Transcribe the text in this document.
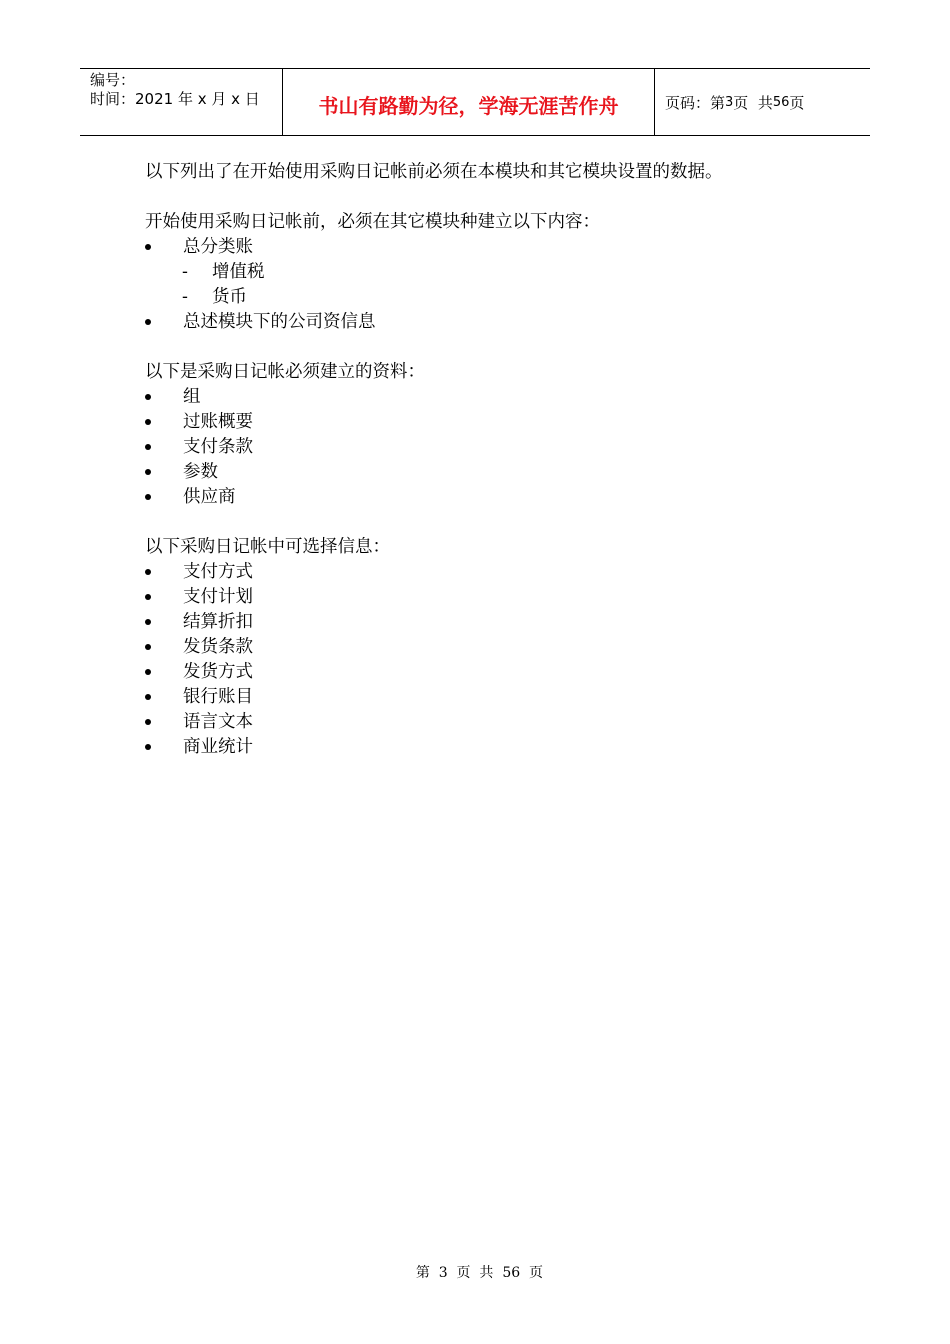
编号：
时间：2021 年 x 月 x 日	书山有路勤为径，学海无涯苦作舟	页码：第 3 页  共 56 页

以下列出了在开始使用采购日记帐前必须在本模块和其它模块设置的数据。

开始使用采购日记帐前，必须在其它模块种建立以下内容：

总分类账
- 增值税
- 货币
总述模块下的公司资信息

以下是采购日记帐必须建立的资料：

组
过账概要
支付条款
参数
供应商

以下采购日记帐中可选择信息：

支付方式
支付计划
结算折扣
发货条款
发货方式
银行账目
语言文本
商业统计

第  3  页  共  56  页
